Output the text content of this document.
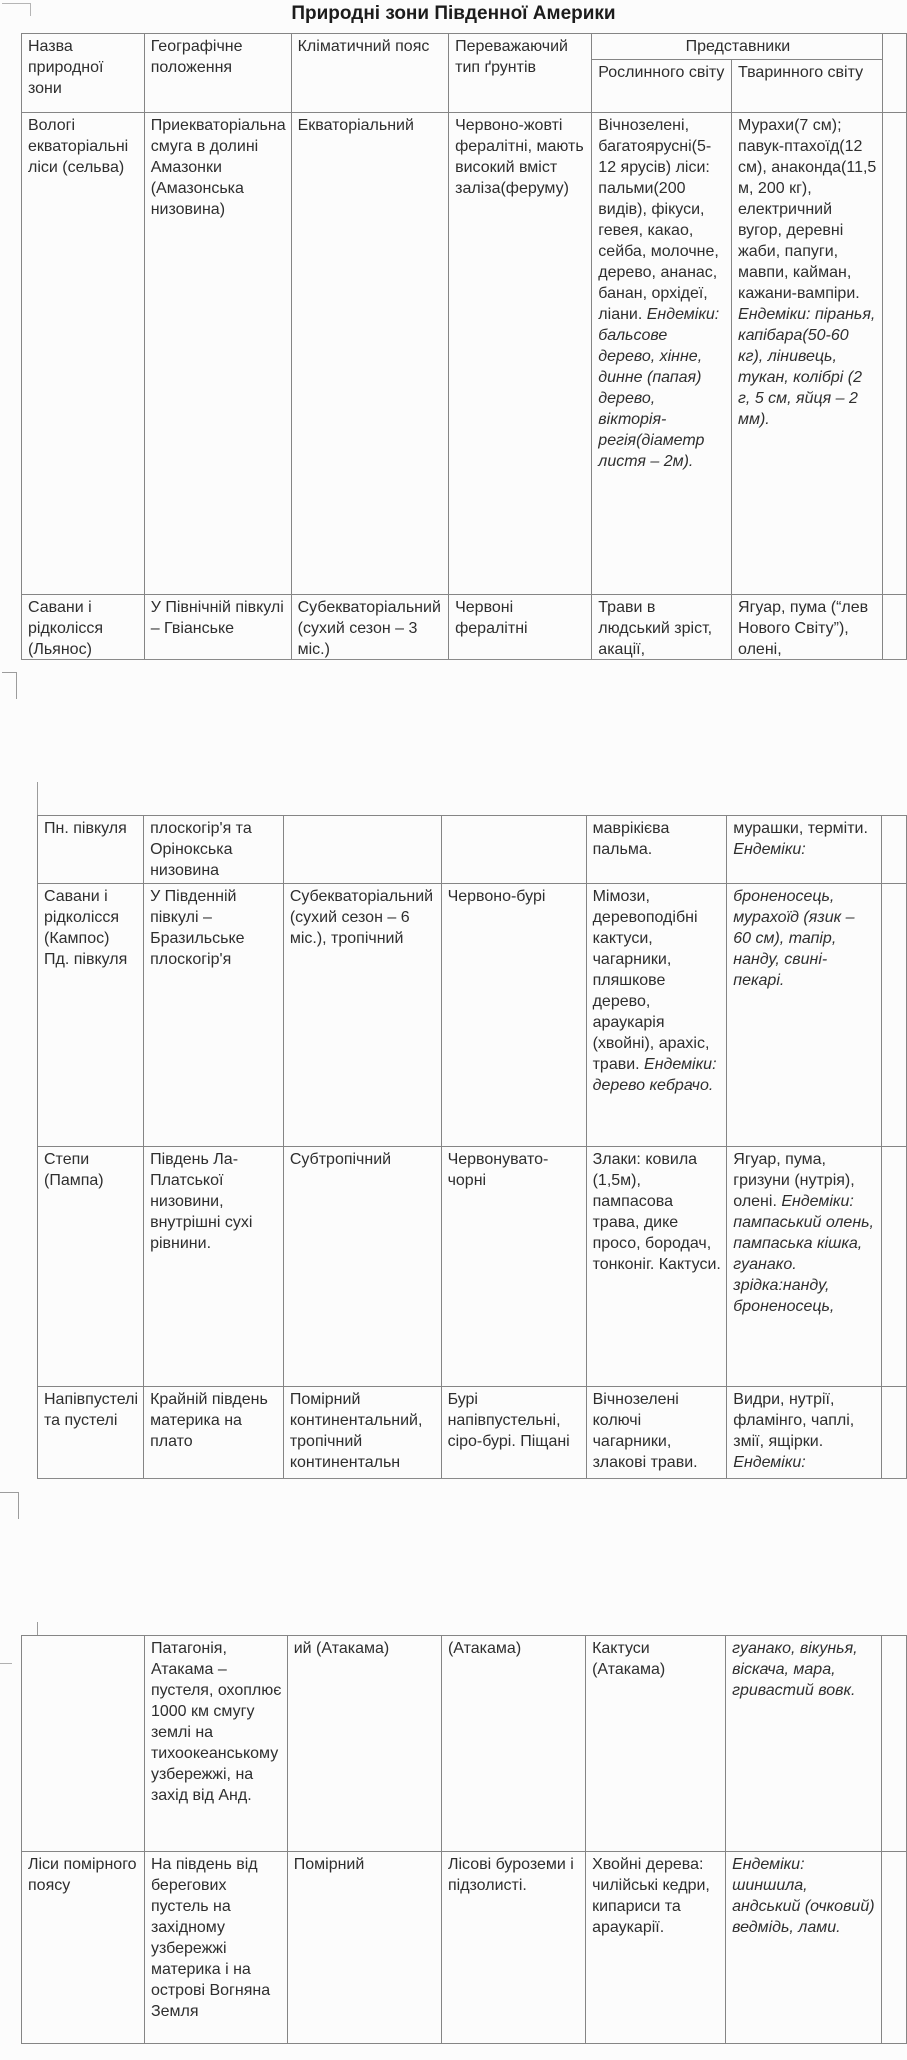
Природні зони Південної Америки
Назва природної зони	Географічне положення	Кліматичний пояс	Переважаючий тип ґрунтів	Представники		
				Рослинного світу	Тваринного світу	
Вологі екваторіальні ліси (сельва)	Приекваторіальна смуга в долині Амазонки (Амазонська низовина)	Екваторіальний	Червоно-жовті фералітні, мають високий вміст заліза(феруму)	Вічнозелені, багатоярусні(5-12 ярусів) ліси: пальми(200 видів), фікуси, гевея, какао, сейба, молочне, дерево, ананас, банан, орхідеї, ліани. Ендеміки: бальсове дерево, хінне, динне (папая) дерево, вікторія-регія(діаметр листя – 2м).	Мурахи(7 см); павук-птахоїд(12 см), анаконда(11,5 м, 200 кг), електричний вугор, деревні жаби, папуги, мавпи, кайман, кажани-вампіри. Ендеміки: піранья, капібара(50-60 кг), лінивець, тукан, колібрі (2 г, 5 см, яйця – 2 мм).	
Савани і рідколісся (Льянос)	У Північній півкулі – Гвіанське	Субекваторіальний (сухий сезон – 3 міс.)	Червоні фералітні	Трави в людський зріст, акації,	Ягуар, пума (“лев Нового Світу”), олені,	
Пн. півкуля	плоскогір'я та Орінокська низовина			маврікієва пальма.	мурашки, терміти. Ендеміки:	
Савани і рідколісся (Кампос) Пд. півкуля	У Південній півкулі – Бразильське плоскогір'я	Субекваторіальний (сухий сезон – 6 міс.), тропічний	Червоно-бурі	Мімози, деревоподібні кактуси, чагарники, пляшкове дерево, араукарія (хвойні), арахіс, трави. Ендеміки: дерево кебрачо.	броненосець, мурахоїд (язик – 60 см), тапір, нанду, свині-пекарі.	
Степи (Пампа)	Південь Ла-Платської низовини, внутрішні сухі рівнини.	Субтропічний	Червонувато-чорні	Злаки: ковила (1,5м), пампасова трава, дике просо, бородач, тонконіг. Кактуси.	Ягуар, пума, гризуни (нутрія), олені. Ендеміки: пампаський олень, пампаська кішка, гуанако. зрідка:нанду, броненосець,	
Напівпустелі та пустелі	Крайній південь материка на плато	Помірний континентальний, тропічний континентальн	Бурі напівпустельні, сіро-бурі. Піщані	Вічнозелені колючі чагарники, злакові трави.	Видри, нутрії, фламінго, чаплі, змії, ящірки. Ендеміки:	
	Патагонія, Атакама – пустеля, охоплює 1000 км смугу землі на тихоокеанському узбережжі, на захід від Анд.	ий (Атакама)	(Атакама)	Кактуси (Атакама)	гуанако, вікунья, віскача, мара, гривастий вовк.	
Ліси помірного поясу	На південь від берегових пустель на західному узбережжі материка і на острові Вогняна Земля	Помірний	Лісові буроземи і підзолисті.	Хвойні дерева: чилійські кедри, кипариси та араукарії.	Ендеміки: шиншила, андський (очковий) ведмідь, лами.	
